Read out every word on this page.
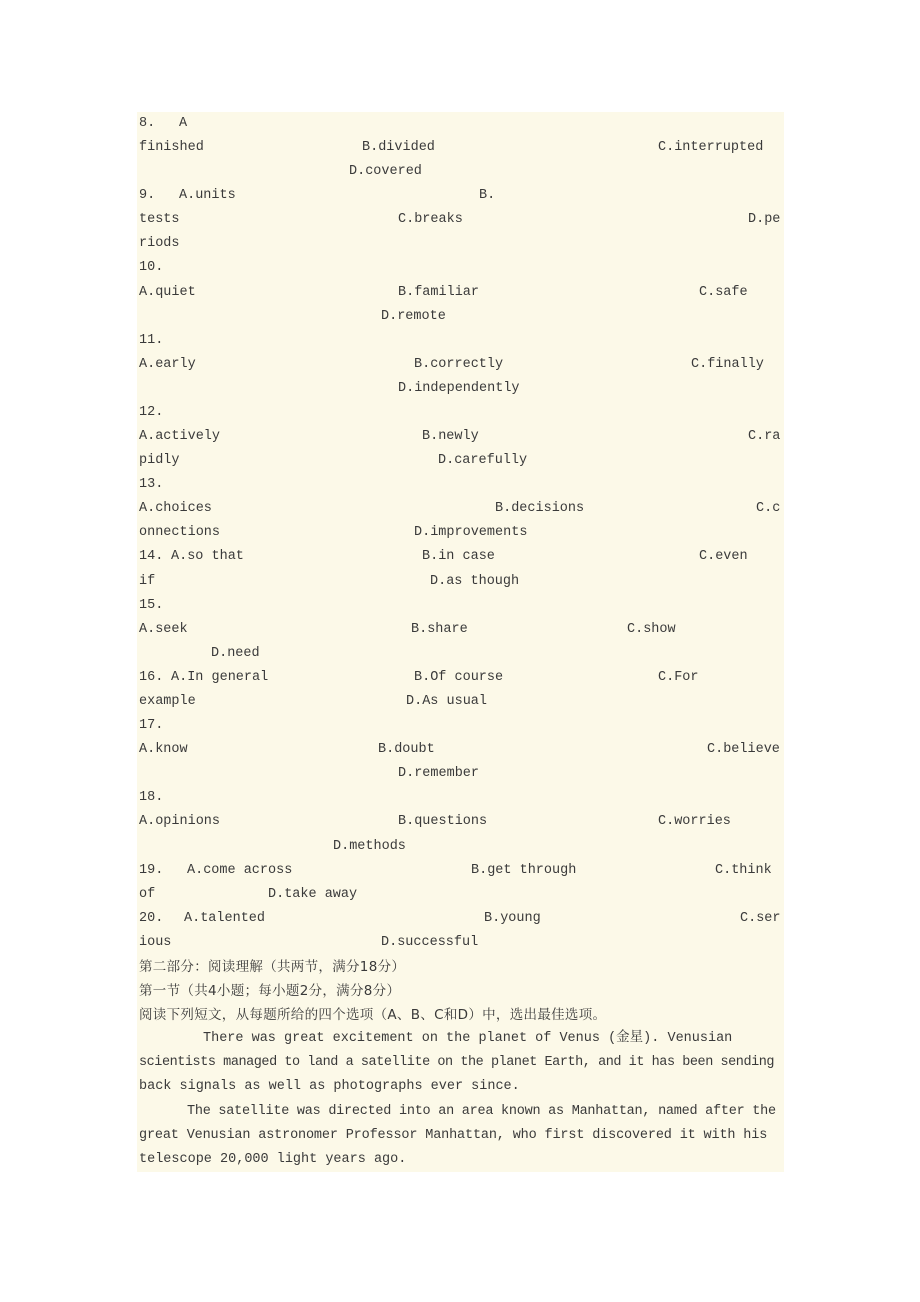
8. A
finished	B.divided	C.interrupted
D.covered
9. A.units	B.
tests	C.breaks	D.pe
riods
10.
A.quiet	B.familiar	C.safe
D.remote
11.
A.early	B.correctly	C.finally
D.independently
12.
A.actively	B.newly	C.ra
pidly	D.carefully
13.
A.choices	B.decisions	C.c
onnections	D.improvements
14. A.so that	B.in case	C.even
if	D.as though
15.
A.seek	B.share	C.show
D.need
16. A.In general	B.Of course	C.For
example	D.As usual
17.
A.know	B.doubt	C.believe
D.remember
18.
A.opinions	B.questions	C.worries
D.methods
19. A.come across	B.get through	C.think
of	D.take away
20. A.talented	B.young	C.ser
ious	D.successful
第二部分：阅读理解（共两节，满分18分）
第一节（共4小题；每小题2分，满分8分）
阅读下列短文，从每题所给的四个选项（A、B、C和D）中，选出最佳选项。
There was great excitement on the planet of Venus (金星). Venusian
scientists managed to land a satellite on the planet Earth, and it has been sending
back signals as well as photographs ever since.
The satellite was directed into an area known as Manhattan, named after the
great Venusian astronomer Professor Manhattan, who first discovered it with his
telescope 20,000 light years ago.
